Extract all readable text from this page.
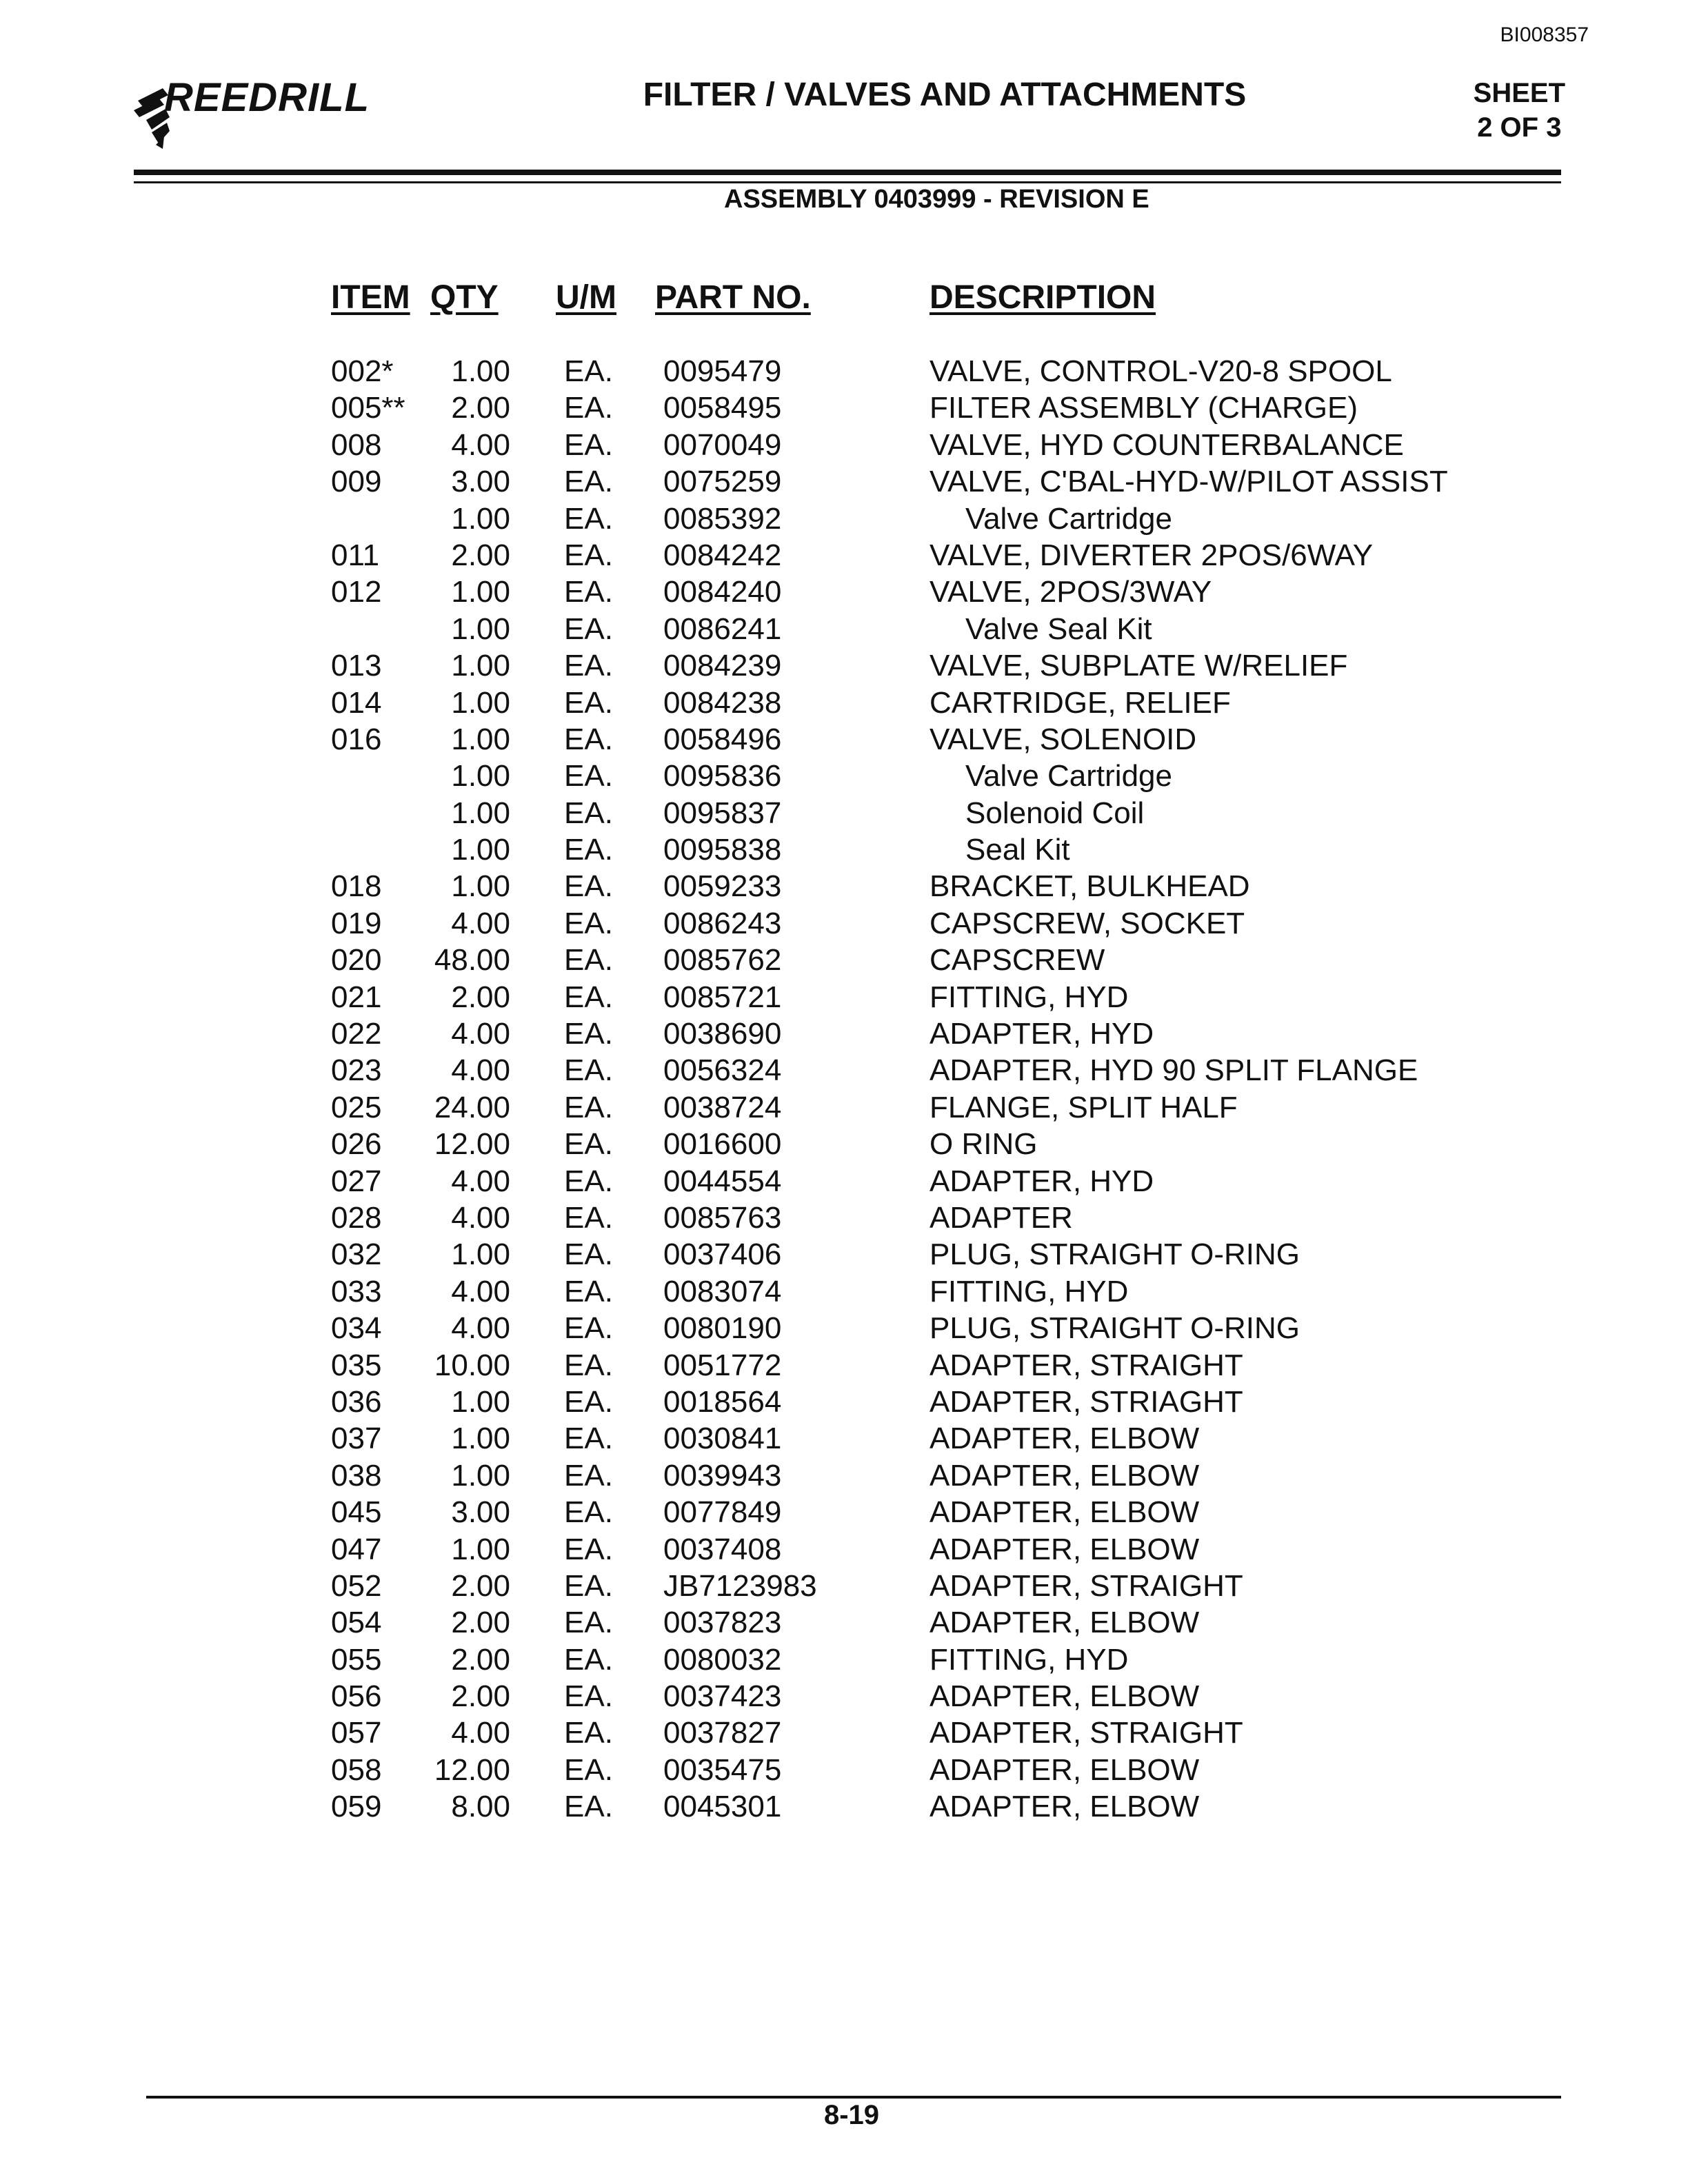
BI008357
REEDRILL	FILTER / VALVES AND ATTACHMENTS	SHEET
2 OF 3
ASSEMBLY 0403999 - REVISION E
ITEM QTY U/M PART NO.	DESCRIPTION
002*	1.00 EA. 0095479	VALVE, CONTROL-V20-8 SPOOL
005**	2.00 EA. 0058495	FILTER ASSEMBLY (CHARGE)
008	4.00 EA. 0070049	VALVE, HYD COUNTERBALANCE
009	3.00 EA. 0075259	VALVE, C'BAL-HYD-W/PILOT ASSIST
1.00 EA. 0085392	Valve Cartridge
011	2.00 EA. 0084242	VALVE, DIVERTER 2POS/6WAY
012	1.00 EA. 0084240	VALVE, 2POS/3WAY
1.00 EA. 0086241	Valve Seal Kit
013	1.00 EA. 0084239	VALVE, SUBPLATE W/RELIEF
014	1.00 EA. 0084238	CARTRIDGE, RELIEF
016	1.00 EA. 0058496	VALVE, SOLENOID
1.00 EA. 0095836	Valve Cartridge
1.00 EA. 0095837	Solenoid Coil
1.00 EA. 0095838	Seal Kit
018	1.00 EA. 0059233	BRACKET, BULKHEAD
019	4.00 EA. 0086243	CAPSCREW, SOCKET
020	48.00 EA. 0085762	CAPSCREW
021	2.00 EA. 0085721	FITTING, HYD
022	4.00 EA. 0038690	ADAPTER, HYD
023	4.00 EA. 0056324	ADAPTER, HYD 90 SPLIT FLANGE
025	24.00 EA. 0038724	FLANGE, SPLIT HALF
026	12.00 EA. 0016600	O RING
027	4.00 EA. 0044554	ADAPTER, HYD
028	4.00 EA. 0085763	ADAPTER
032	1.00 EA. 0037406	PLUG, STRAIGHT O-RING
033	4.00 EA. 0083074	FITTING, HYD
034	4.00 EA. 0080190	PLUG, STRAIGHT O-RING
035	10.00 EA. 0051772	ADAPTER, STRAIGHT
036	1.00 EA. 0018564	ADAPTER, STRIAGHT
037	1.00 EA. 0030841	ADAPTER, ELBOW
038	1.00 EA. 0039943	ADAPTER, ELBOW
045	3.00 EA. 0077849	ADAPTER, ELBOW
047	1.00 EA. 0037408	ADAPTER, ELBOW
052	2.00 EA. JB7123983	ADAPTER, STRAIGHT
054	2.00 EA. 0037823	ADAPTER, ELBOW
055	2.00 EA. 0080032	FITTING, HYD
056	2.00 EA. 0037423	ADAPTER, ELBOW
057	4.00 EA. 0037827	ADAPTER, STRAIGHT
058	12.00 EA. 0035475	ADAPTER, ELBOW
059	8.00 EA. 0045301	ADAPTER, ELBOW
8-19
